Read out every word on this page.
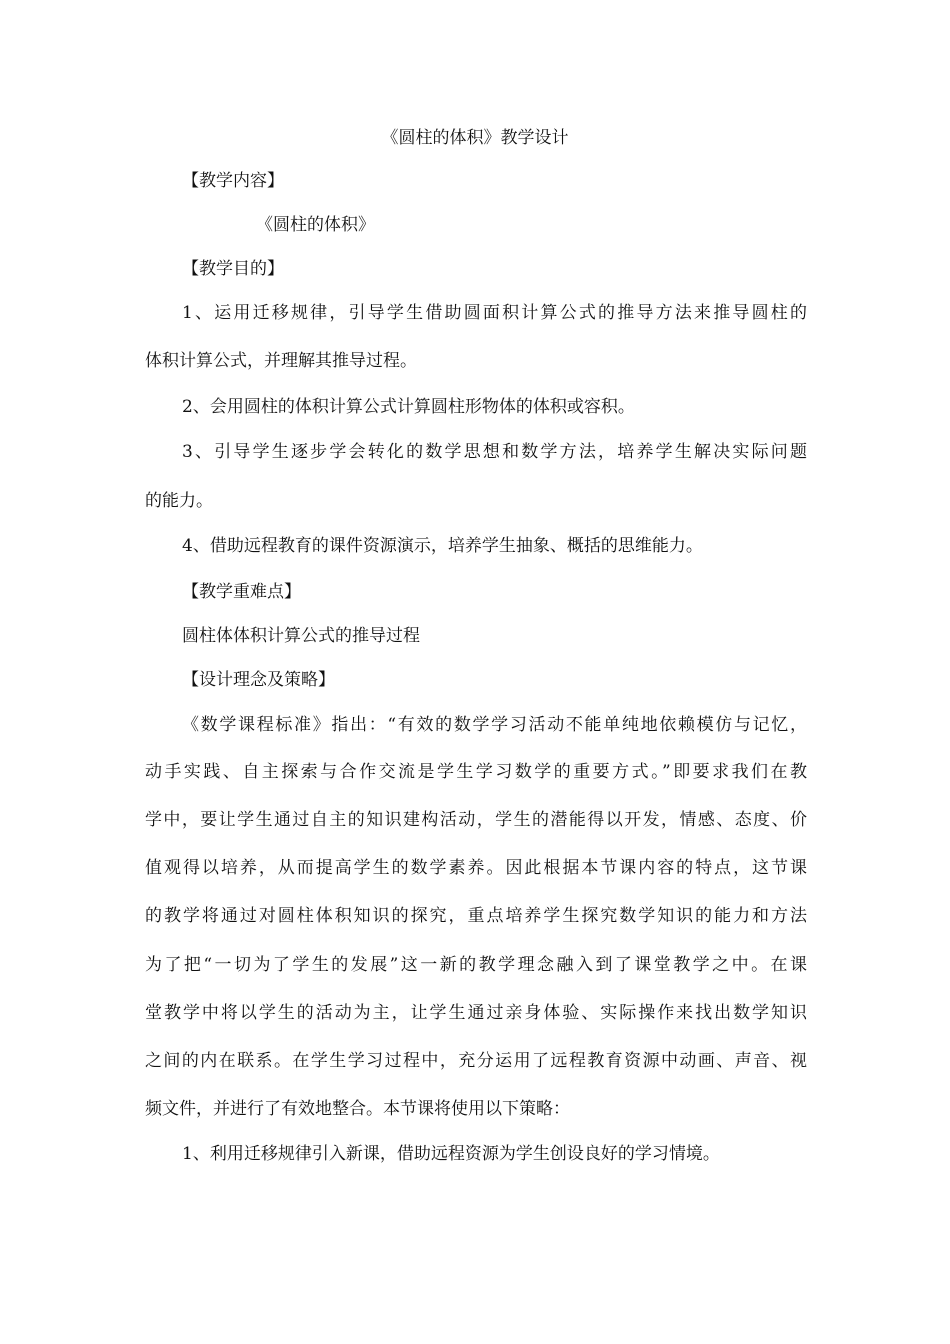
《圆柱的体积》教学设计
【教学内容】
《圆柱的体积》
【教学目的】
1、运用迁移规律，引导学生借助圆面积计算公式的推导方法来推导圆柱的
体积计算公式，并理解其推导过程。
2、会用圆柱的体积计算公式计算圆柱形物体的体积或容积。
3、引导学生逐步学会转化的数学思想和数学方法，培养学生解决实际问题
的能力。
4、借助远程教育的课件资源演示，培养学生抽象、概括的思维能力。
【教学重难点】
圆柱体体积计算公式的推导过程
【设计理念及策略】
《数学课程标准》指出：“有效的数学学习活动不能单纯地依赖模仿与记忆，
动手实践、自主探索与合作交流是学生学习数学的重要方式。”即要求我们在教
学中，要让学生通过自主的知识建构活动，学生的潜能得以开发，情感、态度、价
值观得以培养，从而提高学生的数学素养。因此根据本节课内容的特点，这节课
的教学将通过对圆柱体积知识的探究，重点培养学生探究数学知识的能力和方法
为了把“一切为了学生的发展”这一新的教学理念融入到了课堂教学之中。在课
堂教学中将以学生的活动为主，让学生通过亲身体验、实际操作来找出数学知识
之间的内在联系。在学生学习过程中，充分运用了远程教育资源中动画、声音、视
频文件，并进行了有效地整合。本节课将使用以下策略：
1、利用迁移规律引入新课，借助远程资源为学生创设良好的学习情境。
